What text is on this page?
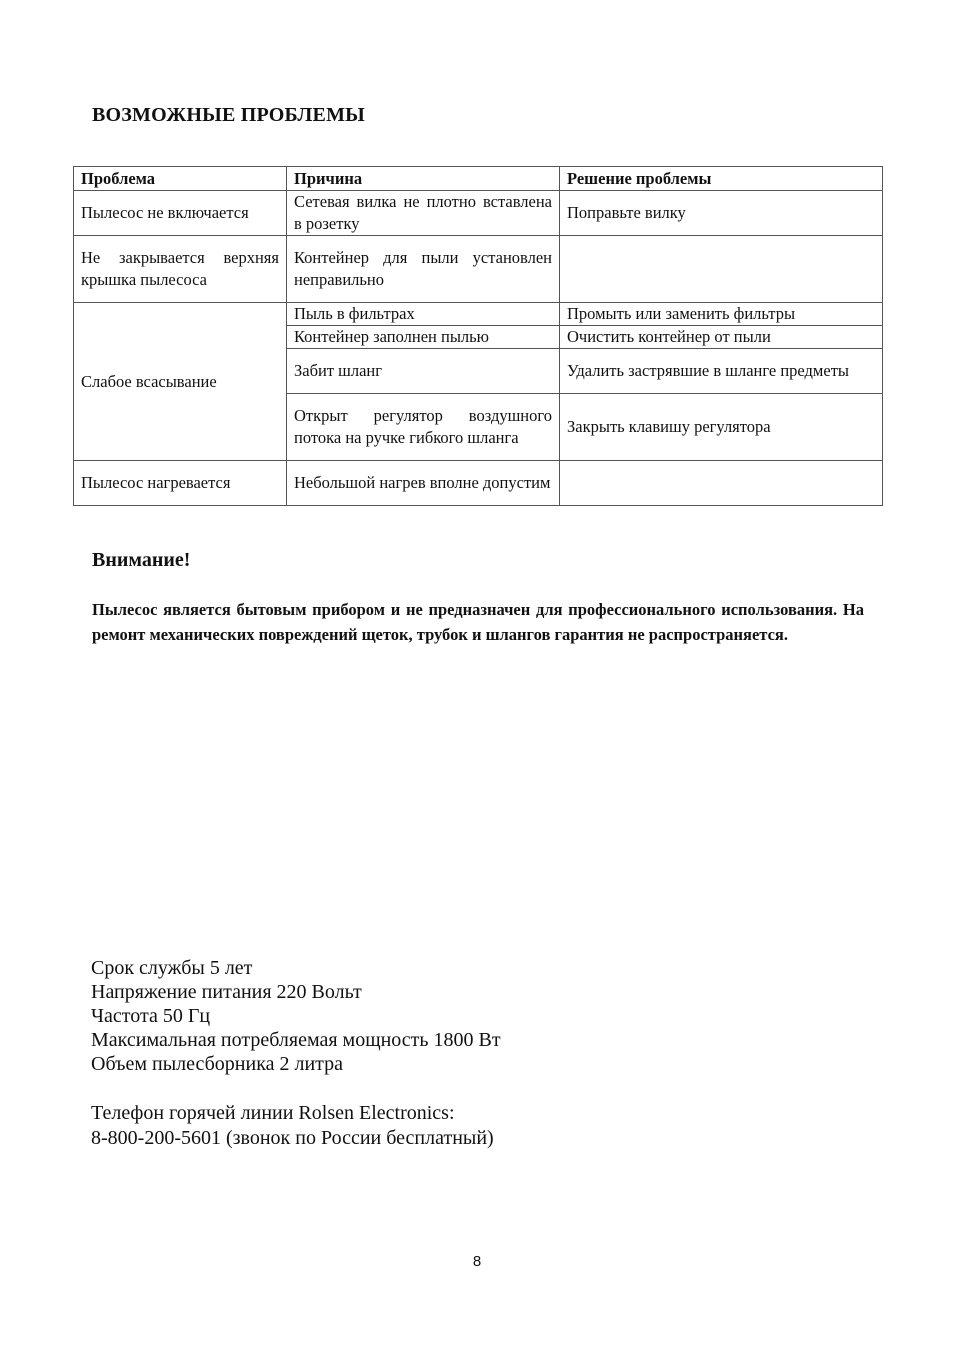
ВОЗМОЖНЫЕ ПРОБЛЕМЫ
Проблема	Причина	Решение проблемы
Пылесос не включается	Сетевая вилка не плотно вставлена в розетку	Поправьте вилку
Не закрывается верхняя крышка пылесоса	Контейнер для пыли установлен неправильно	
Слабое всасывание	Пыль в фильтрах	Промыть или заменить фильтры
	Контейнер заполнен пылью	Очистить контейнер от пыли
	Забит шланг	Удалить застрявшие в шланге предметы
	Открыт регулятор воздушного потока на ручке гибкого шланга	Закрыть клавишу регулятора
Пылесос нагревается	Небольшой нагрев вполне допустим	
Внимание!
Пылесос является бытовым прибором и не предназначен для профессионального использования. На ремонт механических повреждений щеток, трубок и шлангов гарантия не распространяется.
Срок службы 5 лет
Напряжение питания 220 Вольт
Частота 50 Гц
Максимальная потребляемая мощность 1800 Вт
Объем пылесборника 2 литра
Телефон горячей линии Rolsen Electronics:
8-800-200-5601 (звонок по России бесплатный)
8
